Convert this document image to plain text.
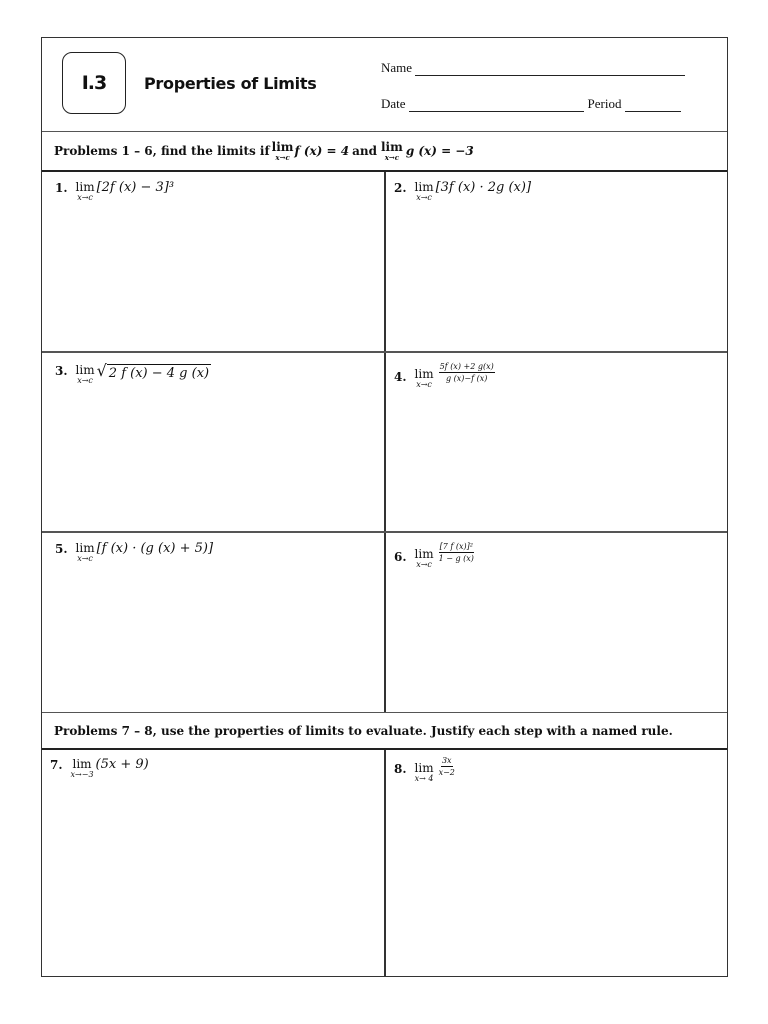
I.3	Properties of Limits
Name
Date	Period
Problems 1 – 6, find the limits if lim
x→c f (x) = 4 and lim
x→c g (x) = −3
1. lim
x→c
[2f (x) − 3]³	2. lim
x→c
[3f (x) · 2g (x)]
3. lim
x→c
√ 2 f (x) − 4 g (x)	4. lim
x→c
$\frac{5f (x) +2 g(x)}{g (x)-f (x)}$
5. lim
x→c
[f (x) · (g (x) + 5)]
6. lim
x→c
$\frac{\text{[7 f (x)]²}}{1 - g (x)}$
Problems 7 – 8, use the properties of limits to evaluate. Justify each step with a named rule.
7. lim
x→−3
(5x + 9)	8. lim
x→ 4
$\frac{3x}{x-2}$
